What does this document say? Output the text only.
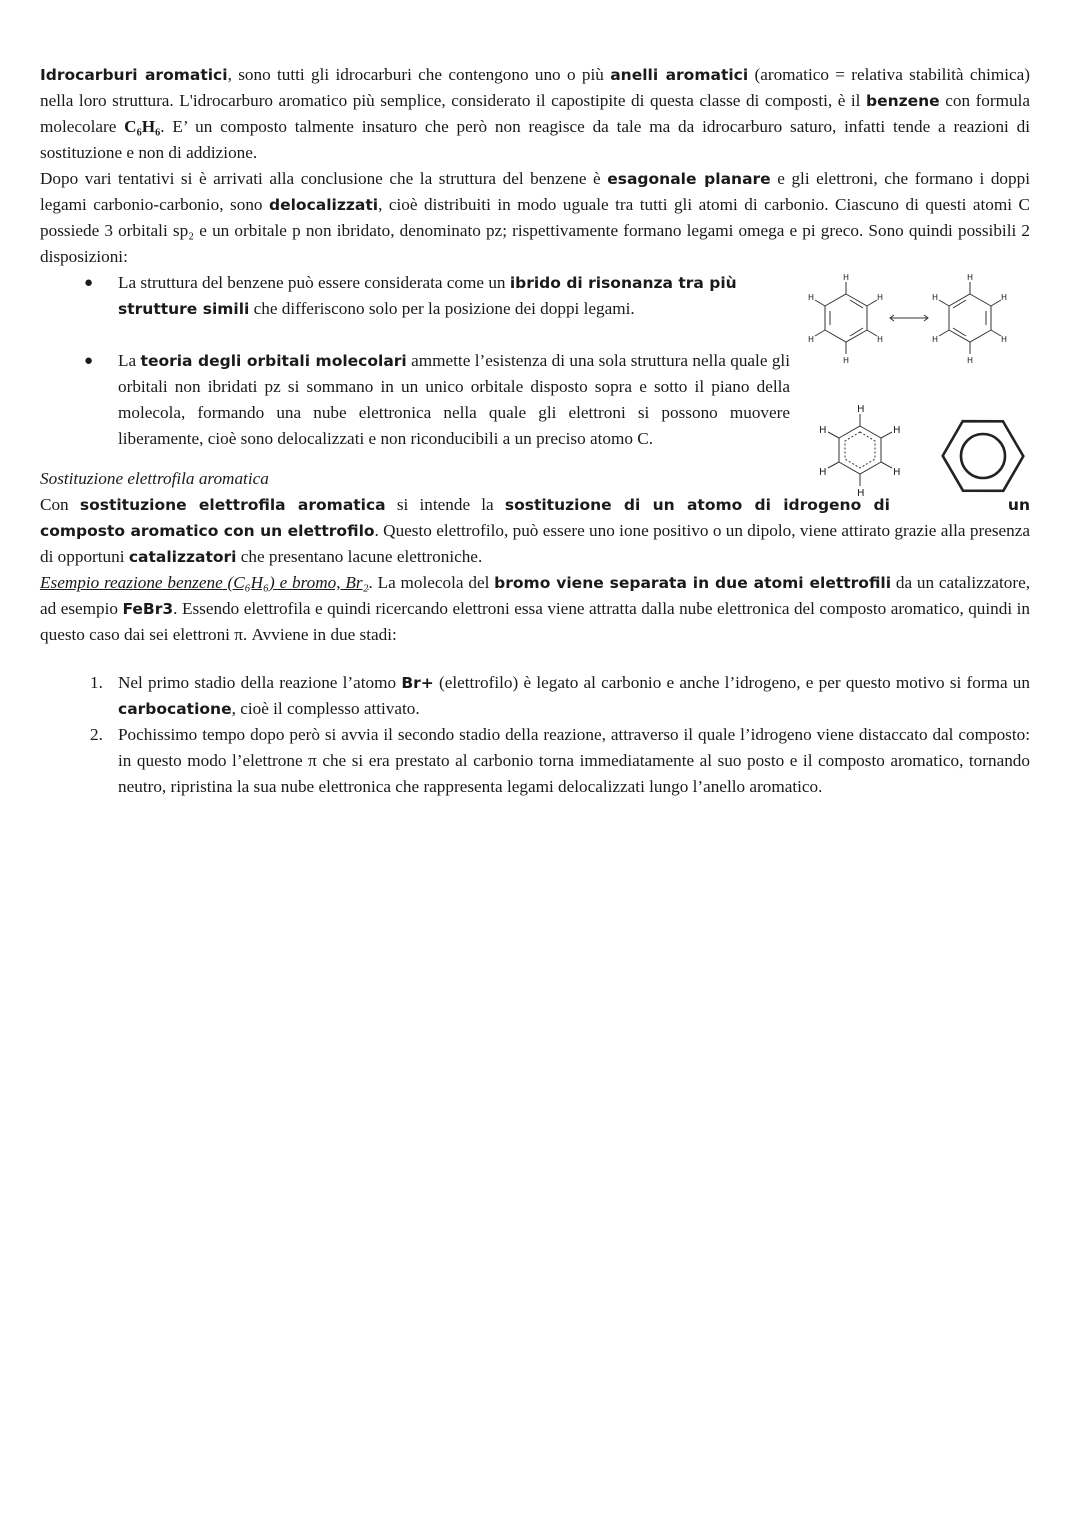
Idrocarburi aromatici, sono tutti gli idrocarburi che contengono uno o più anelli aromatici (aromatico = relativa stabilità chimica) nella loro struttura. L'idrocarburo aromatico più semplice, considerato il capostipite di questa classe di composti, è il benzene con formula molecolare C₆H₆. E’ un composto talmente insaturo che però non reagisce da tale ma da idrocarburo saturo, infatti tende a reazioni di sostituzione e non di addizione.

Dopo vari tentativi si è arrivati alla conclusione che la struttura del benzene è esagonale planare e gli elettroni, che formano i doppi legami carbonio-carbonio, sono delocalizzati, cioè distribuiti in modo uguale tra tutti gli atomi di carbonio. Ciascuno di questi atomi C possiede 3 orbitali sp₂ e un orbitale p non ibridato, denominato pz; rispettivamente formano legami omega e pi greco. Sono quindi possibili 2 disposizioni:

● La struttura del benzene può essere considerata come un ibrido di risonanza tra più strutture simili che differiscono solo per la posizione dei doppi legami.
● La teoria degli orbitali molecolari ammette l’esistenza di una sola struttura nella quale gli orbitali non ibridati pz si sommano in un unico orbitale disposto sopra e sotto il piano della molecola, formando una nube elettronica nella quale gli elettroni si possono muovere liberamente, cioè sono delocalizzati e non riconducibili a un preciso atomo C.

Sostituzione elettrofila aromatica

Con sostituzione elettrofila aromatica si intende la sostituzione di un atomo di idrogeno di	un composto aromatico con un elettrofilo. Questo elettrofilo, può essere uno ione positivo o un dipolo, viene attirato grazie alla presenza di opportuni catalizzatori che presentano lacune elettroniche.

Esempio reazione benzene (C₆H₆) e bromo, Br₂. La molecola del bromo viene separata in due atomi elettrofili da un catalizzatore, ad esempio FeBr3. Essendo elettrofila e quindi ricercando elettroni essa viene attratta dalla nube elettronica del composto aromatico, quindi in questo caso dai sei elettroni π. Avviene in due stadi:

1. Nel primo stadio della reazione l’atomo Br+ (elettrofilo) è legato al carbonio e anche l’idrogeno, e per questo motivo si forma un carbocatione, cioè il complesso attivato.
2. Pochissimo tempo dopo però si avvia il secondo stadio della reazione, attraverso il quale l’idrogeno viene distaccato dal composto: in questo modo l’elettrone π che si era prestato al carbonio torna immediatamente al suo posto e il composto aromatico, tornando neutro, ripristina la sua nube elettronica che rappresenta legami delocalizzati lungo l’anello aromatico.
H
H
H
H
H
H
H
H
H
H
H
H
H
H
H
H
H
H
